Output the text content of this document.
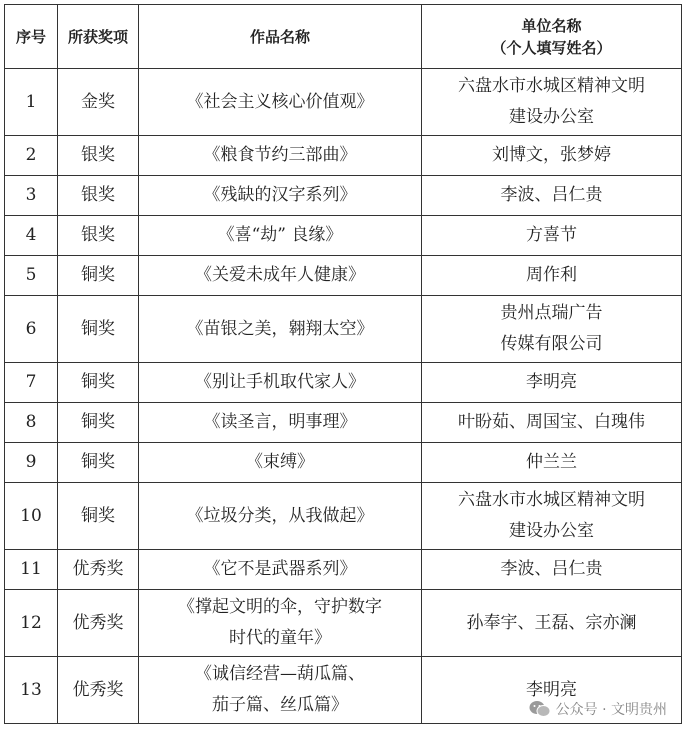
序号	所获奖项	作品名称	单位名称
（个人填写姓名）

1	金奖	《社会主义核心价值观》	六盘水市水城区精神文明
建设办公室

2	银奖	《粮食节约三部曲》	刘博文，张梦婷

3	银奖	《残缺的汉字系列》	李波、吕仁贵

4	银奖	《喜“劫” 良缘》	方喜节

5	铜奖	《关爱未成年人健康》	周作利

6	铜奖	《苗银之美，翱翔太空》	贵州点瑞广告
传媒有限公司

7	铜奖	《别让手机取代家人》	李明亮

8	铜奖	《读圣言，明事理》	叶盼茹、周国宝、白瑰伟

9	铜奖	《束缚》	仲兰兰

10	铜奖	《垃圾分类，从我做起》	六盘水市水城区精神文明
建设办公室

11	优秀奖	《它不是武器系列》	李波、吕仁贵

12	优秀奖	《撑起文明的伞，守护数字
时代的童年》	孙奉宇、王磊、宗亦澜

13	优秀奖	《诚信经营—葫瓜篇、
茄子篇、丝瓜篇》	李明亮
公众号 · 文明贵州
